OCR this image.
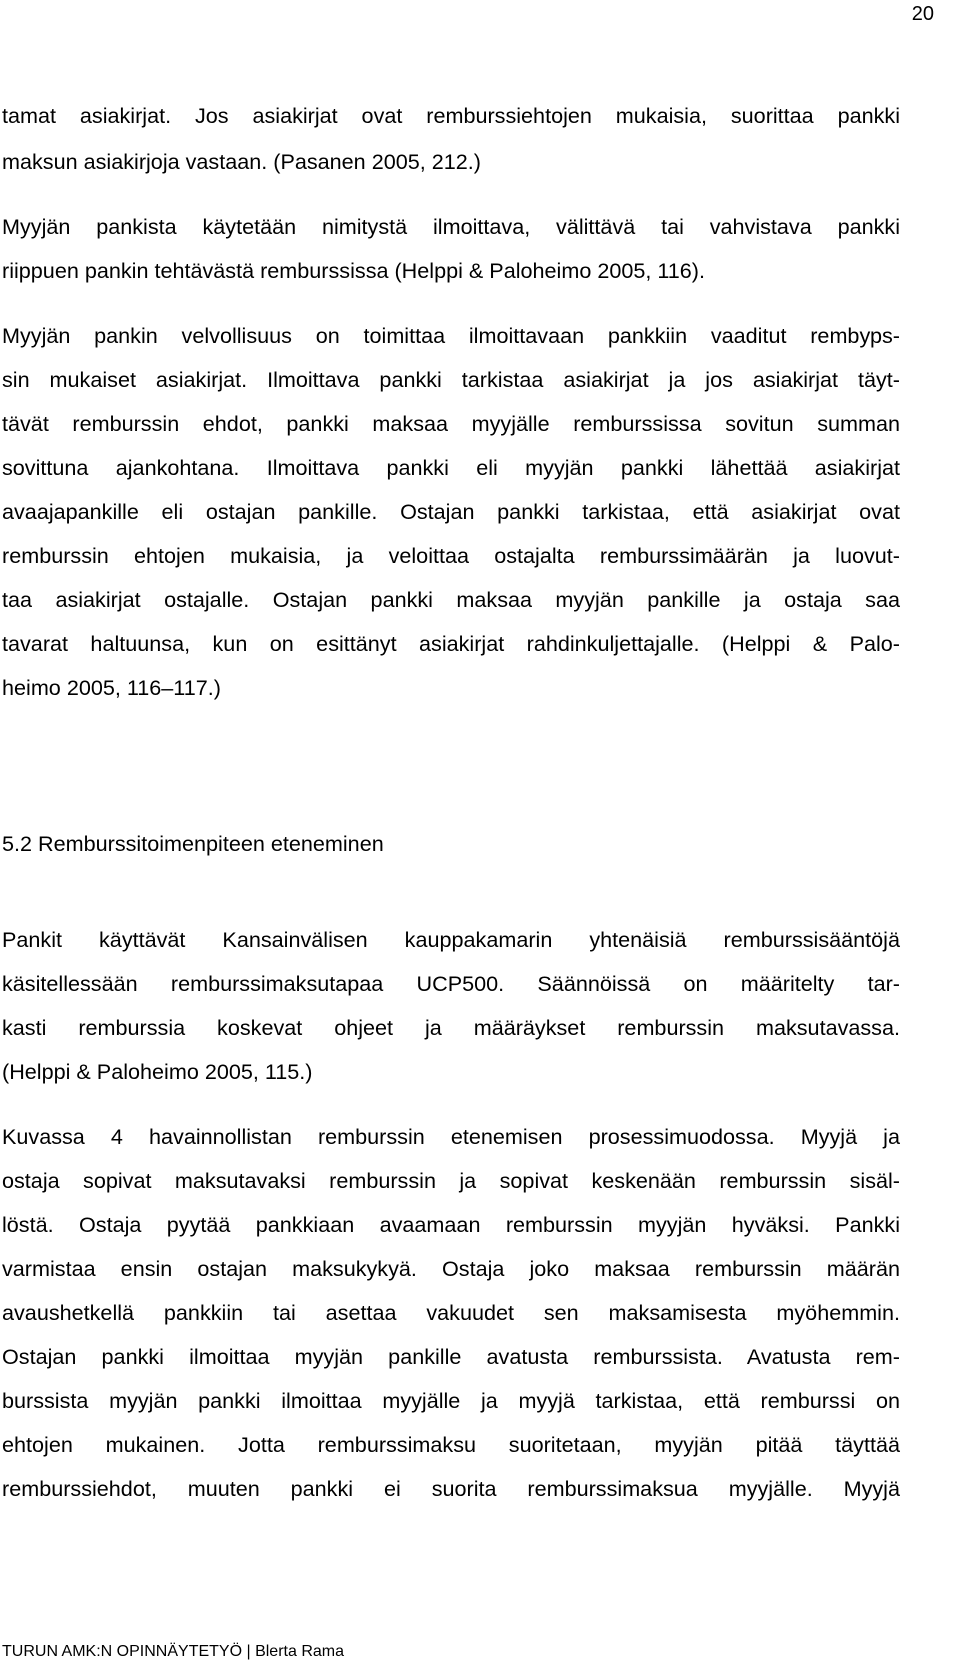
20
tamat asiakirjat. Jos asiakirjat ovat remburssiehtojen mukaisia, suorittaa pankki
maksun asiakirjoja vastaan. (Pasanen 2005, 212.)
Myyjän pankista käytetään nimitystä ilmoittava, välittävä tai vahvistava pankki
riippuen pankin tehtävästä remburssissa (Helppi & Paloheimo 2005, 116).
Myyjän pankin velvollisuus on toimittaa ilmoittavaan pankkiin vaaditut rembурs-
sin mukaiset asiakirjat. Ilmoittava pankki tarkistaa asiakirjat ja jos asiakirjat täyt-
tävät remburssin ehdot, pankki maksaa myyjälle remburssissa sovitun summan
sovittuna ajankohtana. Ilmoittava pankki eli myyjän pankki lähettää asiakirjat
avaajapankille eli ostajan pankille. Ostajan pankki tarkistaa, että asiakirjat ovat
remburssin ehtojen mukaisia, ja veloittaa ostajalta remburssimäärän ja luovut-
taa asiakirjat ostajalle. Ostajan pankki maksaa myyjän pankille ja ostaja saa
tavarat haltuunsa, kun on esittänyt asiakirjat rahdinkuljettajalle. (Helppi & Palo-
heimo 2005, 116–117.)
5.2 Remburssitoimenpiteen eteneminen
Pankit käyttävät Kansainvälisen kauppakamarin yhtenäisiä remburssisääntöjä
käsitellessään remburssimaksutapaa UCP500. Säännöissä on määritelty tar-
kasti remburssia koskevat ohjeet ja määräykset remburssin maksutavassa.
(Helppi & Paloheimo 2005, 115.)
Kuvassa 4 havainnollistan remburssin etenemisen prosessimuodossa. Myyjä ja
ostaja sopivat maksutavaksi remburssin ja sopivat keskenään remburssin sisäl-
löstä. Ostaja pyytää pankkiaan avaamaan remburssin myyjän hyväksi. Pankki
varmistaa ensin ostajan maksukykyä. Ostaja joko maksaa remburssin määrän
avaushetkellä pankkiin tai asettaa vakuudet sen maksamisesta myöhemmin.
Ostajan pankki ilmoittaa myyjän pankille avatusta remburssista. Avatusta rem-
burssista myyjän pankki ilmoittaa myyjälle ja myyjä tarkistaa, että remburssi on
ehtojen mukainen. Jotta remburssimaksu suoritetaan, myyjän pitää täyttää
remburssiehdot, muuten pankki ei suorita remburssimaksua myyjälle. Myyjä
TURUN AMK:N OPINNÄYTETYÖ | Blerta Rama
